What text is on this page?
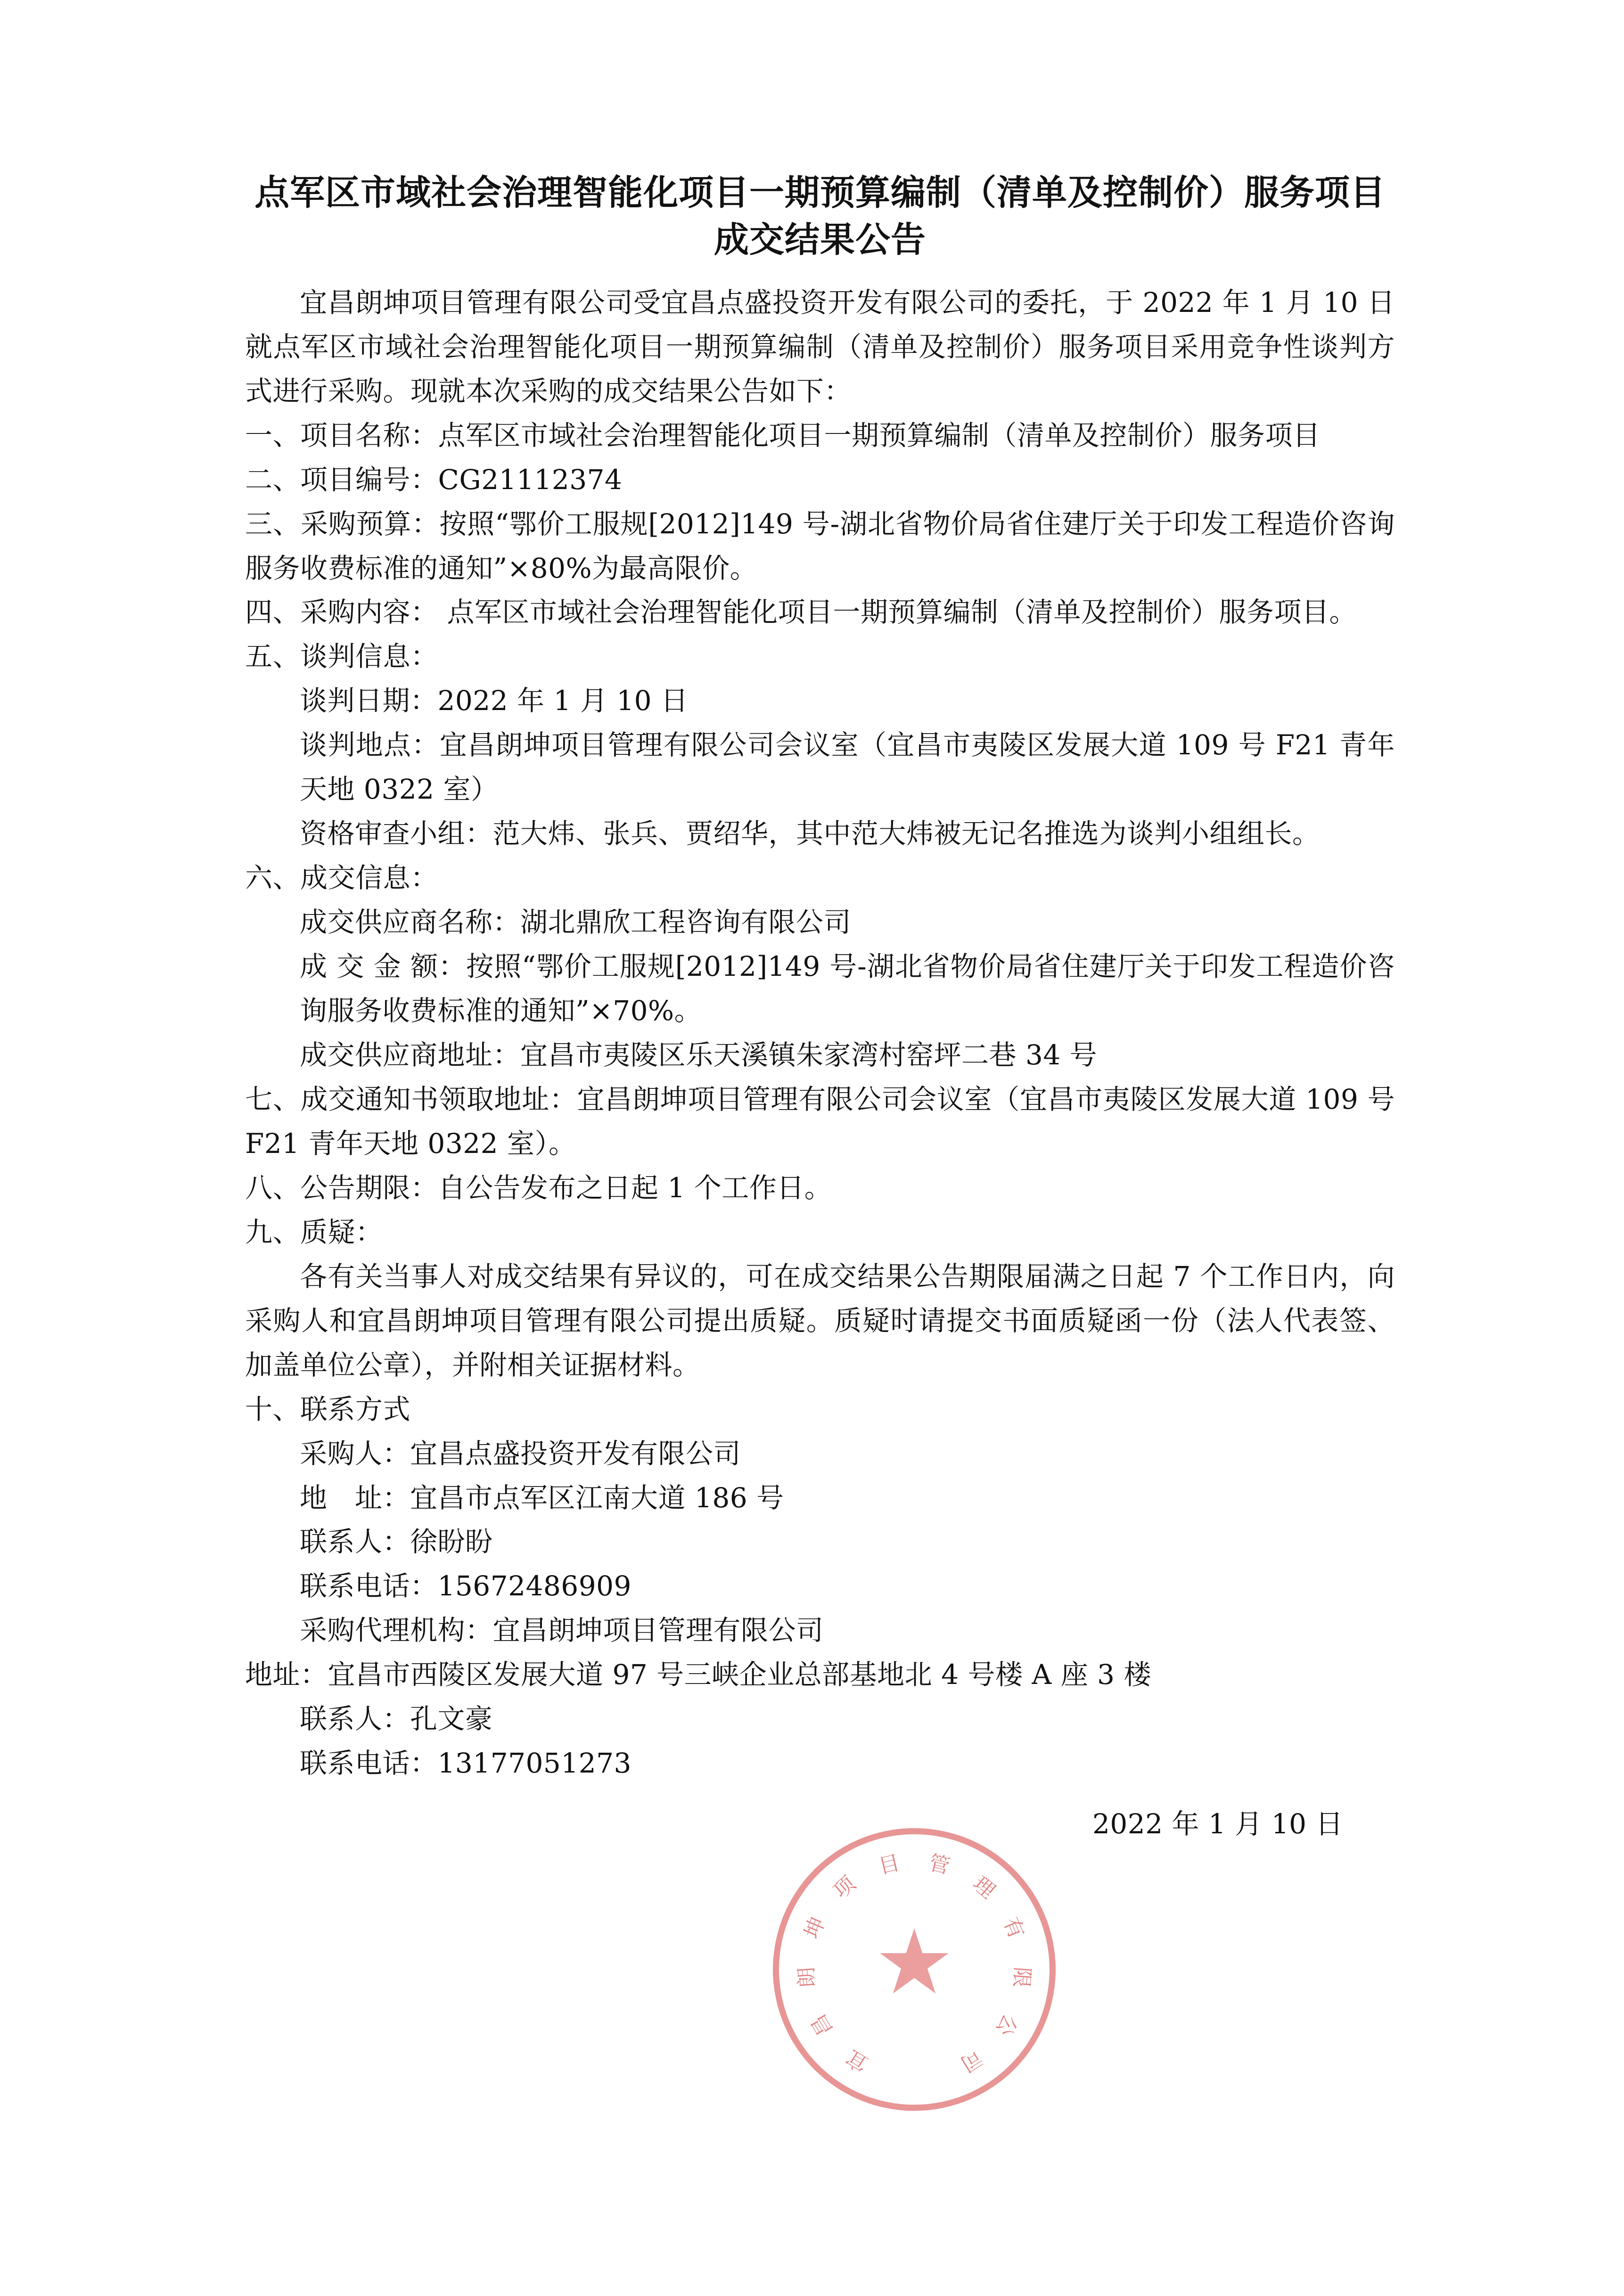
点军区市域社会治理智能化项目一期预算编制（清单及控制价）服务项目成交结果公告

宜昌朗坤项目管理有限公司受宜昌点盛投资开发有限公司的委托，于 2022 年 1 月 10 日就点军区市域社会治理智能化项目一期预算编制（清单及控制价）服务项目采用竞争性谈判方式进行采购。现就本次采购的成交结果公告如下：

一、项目名称：点军区市域社会治理智能化项目一期预算编制（清单及控制价）服务项目

二、项目编号：CG21112374

三、采购预算：按照“鄂价工服规[2012]149 号-湖北省物价局省住建厅关于印发工程造价咨询服务收费标准的通知”×80%为最高限价。

四、采购内容： 点军区市域社会治理智能化项目一期预算编制（清单及控制价）服务项目。

五、谈判信息：

谈判日期：2022 年 1 月 10 日

谈判地点：宜昌朗坤项目管理有限公司会议室（宜昌市夷陵区发展大道 109 号 F21 青年天地 0322 室）

资格审查小组：范大炜、张兵、贾绍华，其中范大炜被无记名推选为谈判小组组长。

六、成交信息：

成交供应商名称：湖北鼎欣工程咨询有限公司

成 交 金 额：按照“鄂价工服规[2012]149 号-湖北省物价局省住建厅关于印发工程造价咨询服务收费标准的通知”×70%。

成交供应商地址：宜昌市夷陵区乐天溪镇朱家湾村窑坪二巷 34 号

七、成交通知书领取地址：宜昌朗坤项目管理有限公司会议室（宜昌市夷陵区发展大道 109 号 F21 青年天地 0322 室）。

八、公告期限：自公告发布之日起 1 个工作日。

九、质疑：

各有关当事人对成交结果有异议的，可在成交结果公告期限届满之日起 7 个工作日内，向采购人和宜昌朗坤项目管理有限公司提出质疑。质疑时请提交书面质疑函一份（法人代表签、加盖单位公章），并附相关证据材料。

十、联系方式

采购人：宜昌点盛投资开发有限公司

地　址：宜昌市点军区江南大道 186 号

联系人：徐盼盼

联系电话：15672486909

采购代理机构：宜昌朗坤项目管理有限公司

地址：宜昌市西陵区发展大道 97 号三峡企业总部基地北 4 号楼 A 座 3 楼

联系人：孔文豪

联系电话：13177051273

2022 年 1 月 10 日

★
宜
昌
朗
坤
项
目 管
理
有
限
公
司
